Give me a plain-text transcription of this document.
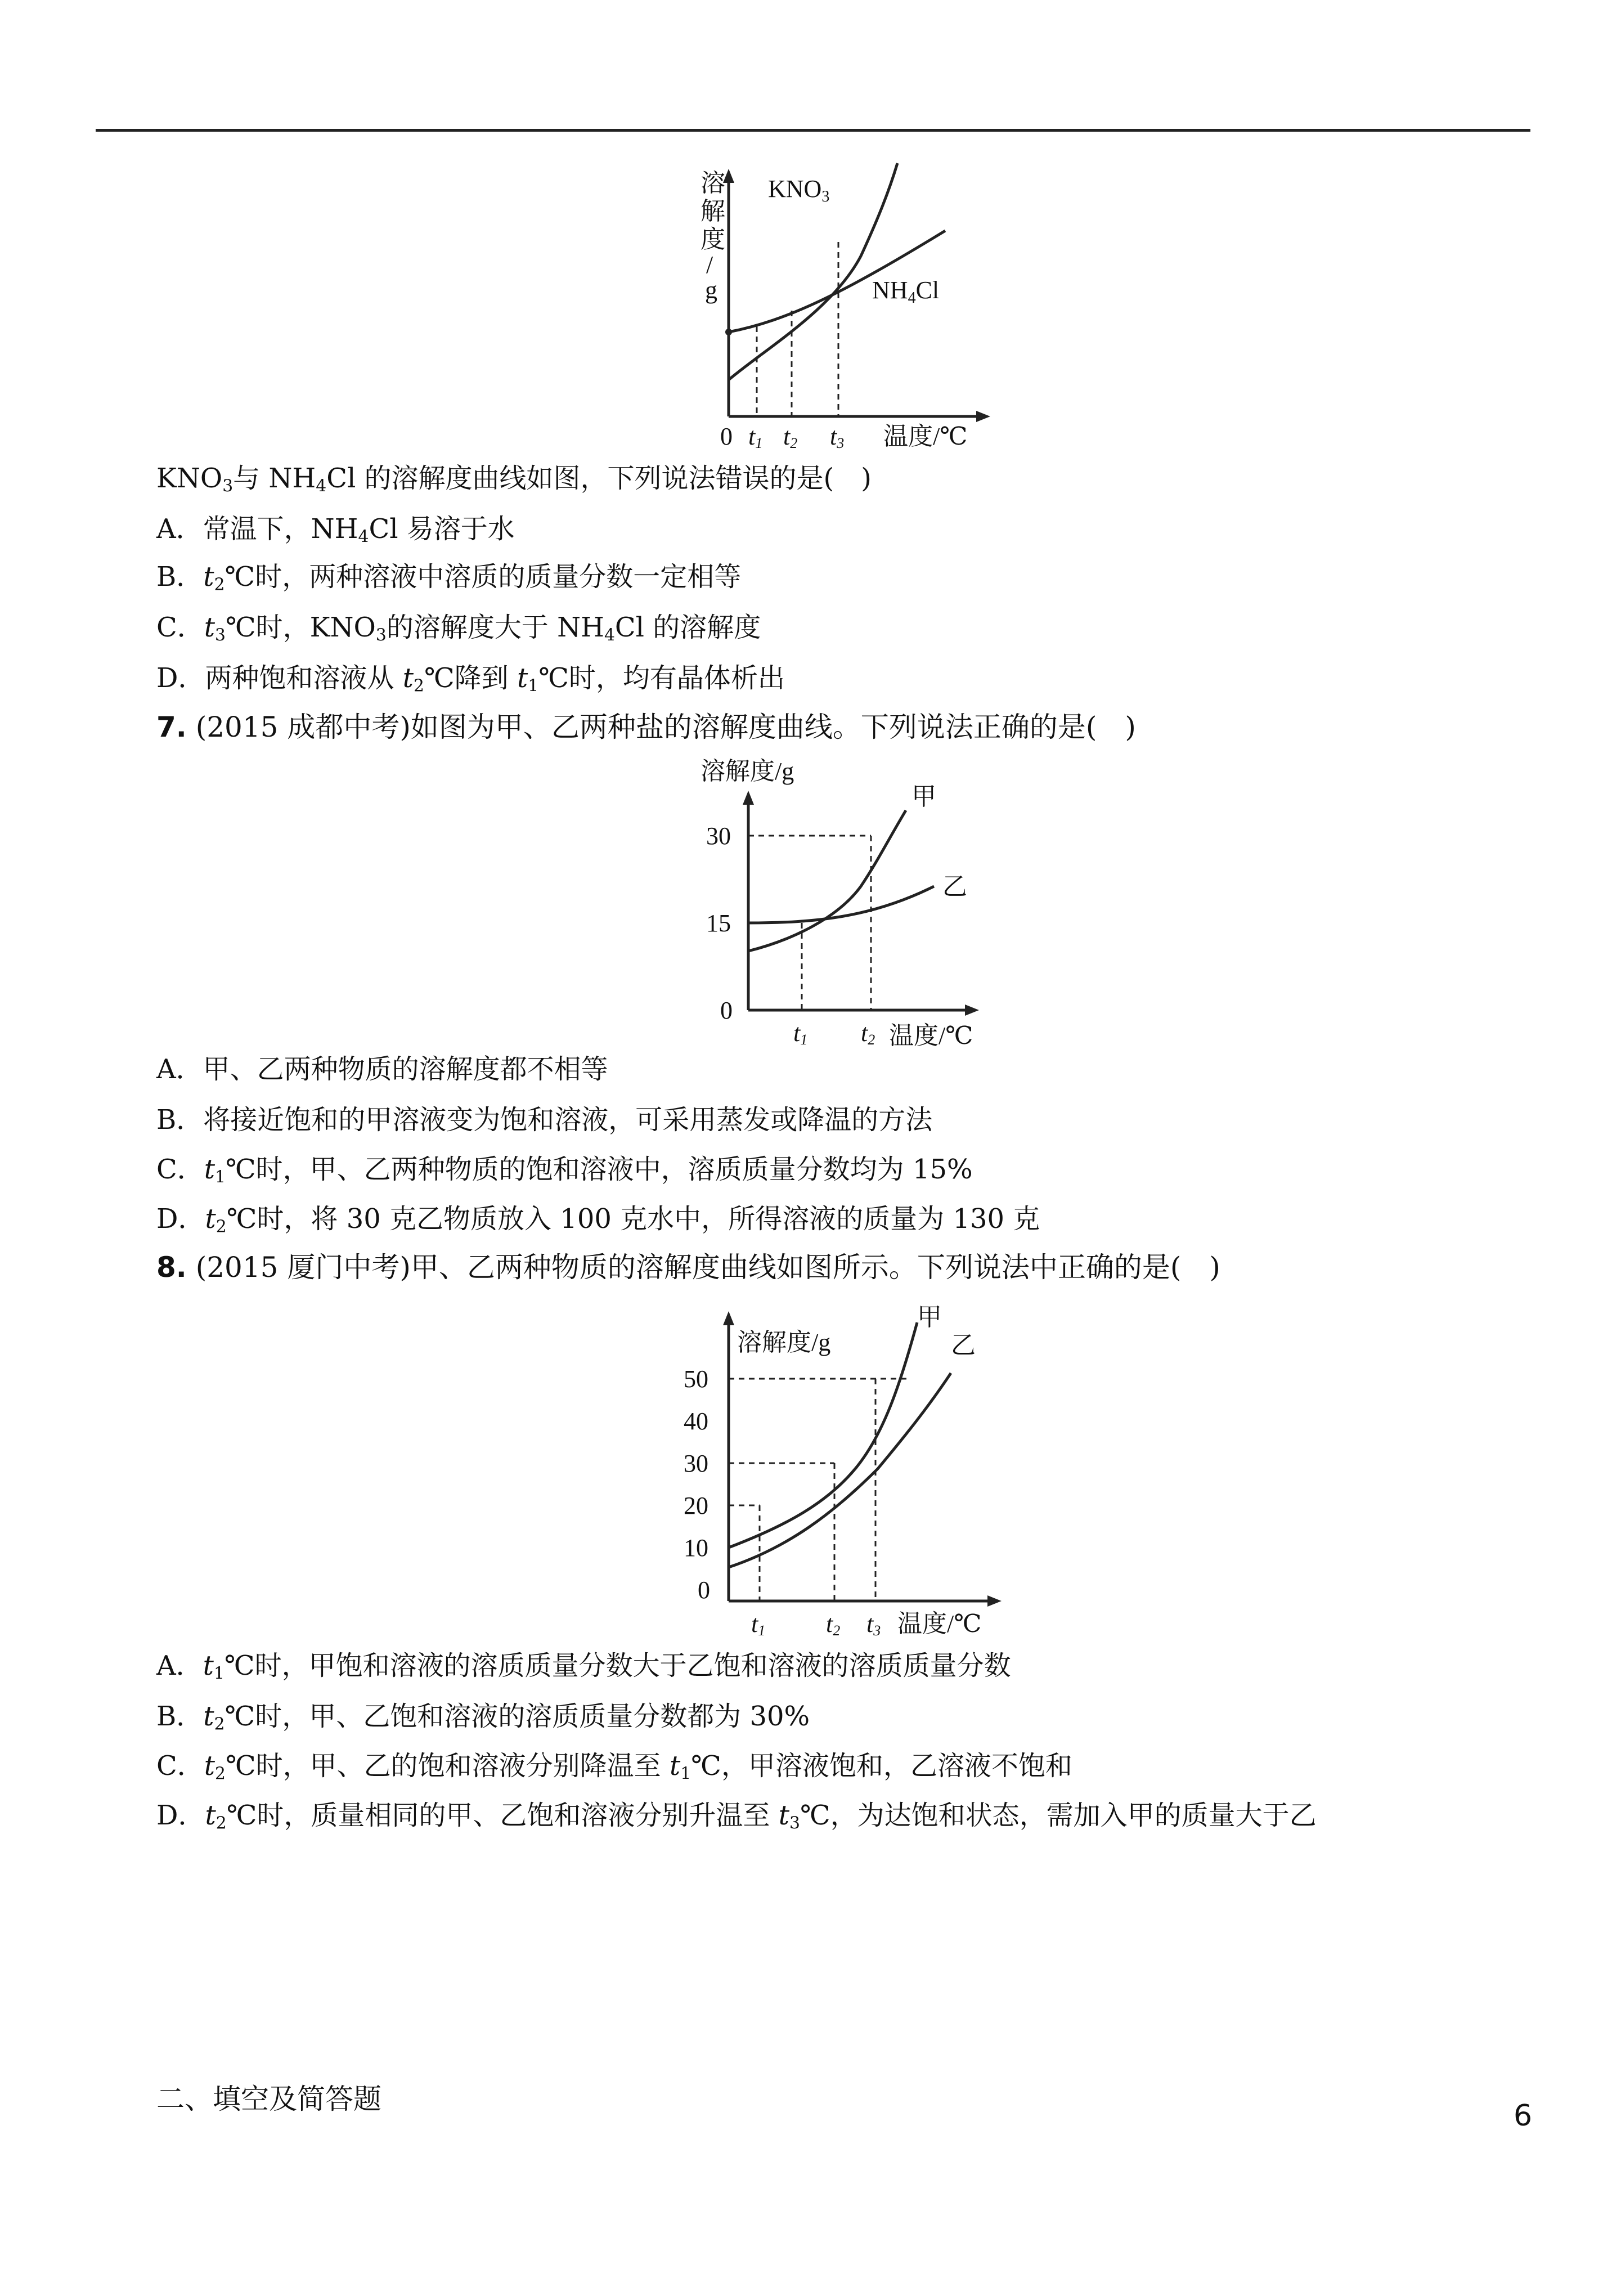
溶
解
度
/
g
0 t1 t2 t3 温度/℃
KNO3
NH4Cl
$KNO_3$与 $NH_4Cl$ 的溶解度曲线如图，下列说法错误的是(　)
A．常温下，$NH_4Cl$ 易溶于水
B．$t_2℃$时，两种溶液中溶质的质量分数一定相等
C．$t_3℃$时，$KNO_3$的溶解度大于 $NH_4Cl$ 的溶解度
D．两种饱和溶液从 $t_2℃$降到 $t_1℃$时，均有晶体析出
7. (2015 成都中考)如图为甲、乙两种盐的溶解度曲线。下列说法正确的是(　)
溶解度/g
30
15
0
t1 t2 温度/℃
甲
乙
A．甲、乙两种物质的溶解度都不相等
B．将接近饱和的甲溶液变为饱和溶液，可采用蒸发或降温的方法
C．$t_1℃$时，甲、乙两种物质的饱和溶液中，溶质质量分数均为 15%
D．$t_2℃$时，将 30 克乙物质放入 100 克水中，所得溶液的质量为 130 克
8. (2015 厦门中考)甲、乙两种物质的溶解度曲线如图所示。下列说法中正确的是(　)
溶解度/g
50
40
30
20
10
0
t1 t2 t3 温度/℃
甲
乙
A．$t_1℃$时，甲饱和溶液的溶质质量分数大于乙饱和溶液的溶质质量分数
B．$t_2℃$时，甲、乙饱和溶液的溶质质量分数都为 30%
C．$t_2℃$时，甲、乙的饱和溶液分别降温至 $t_1℃$，甲溶液饱和，乙溶液不饱和
D．$t_2℃$时，质量相同的甲、乙饱和溶液分别升温至 $t_3℃$，为达饱和状态，需加入甲的质量大于乙
二、填空及简答题	6
